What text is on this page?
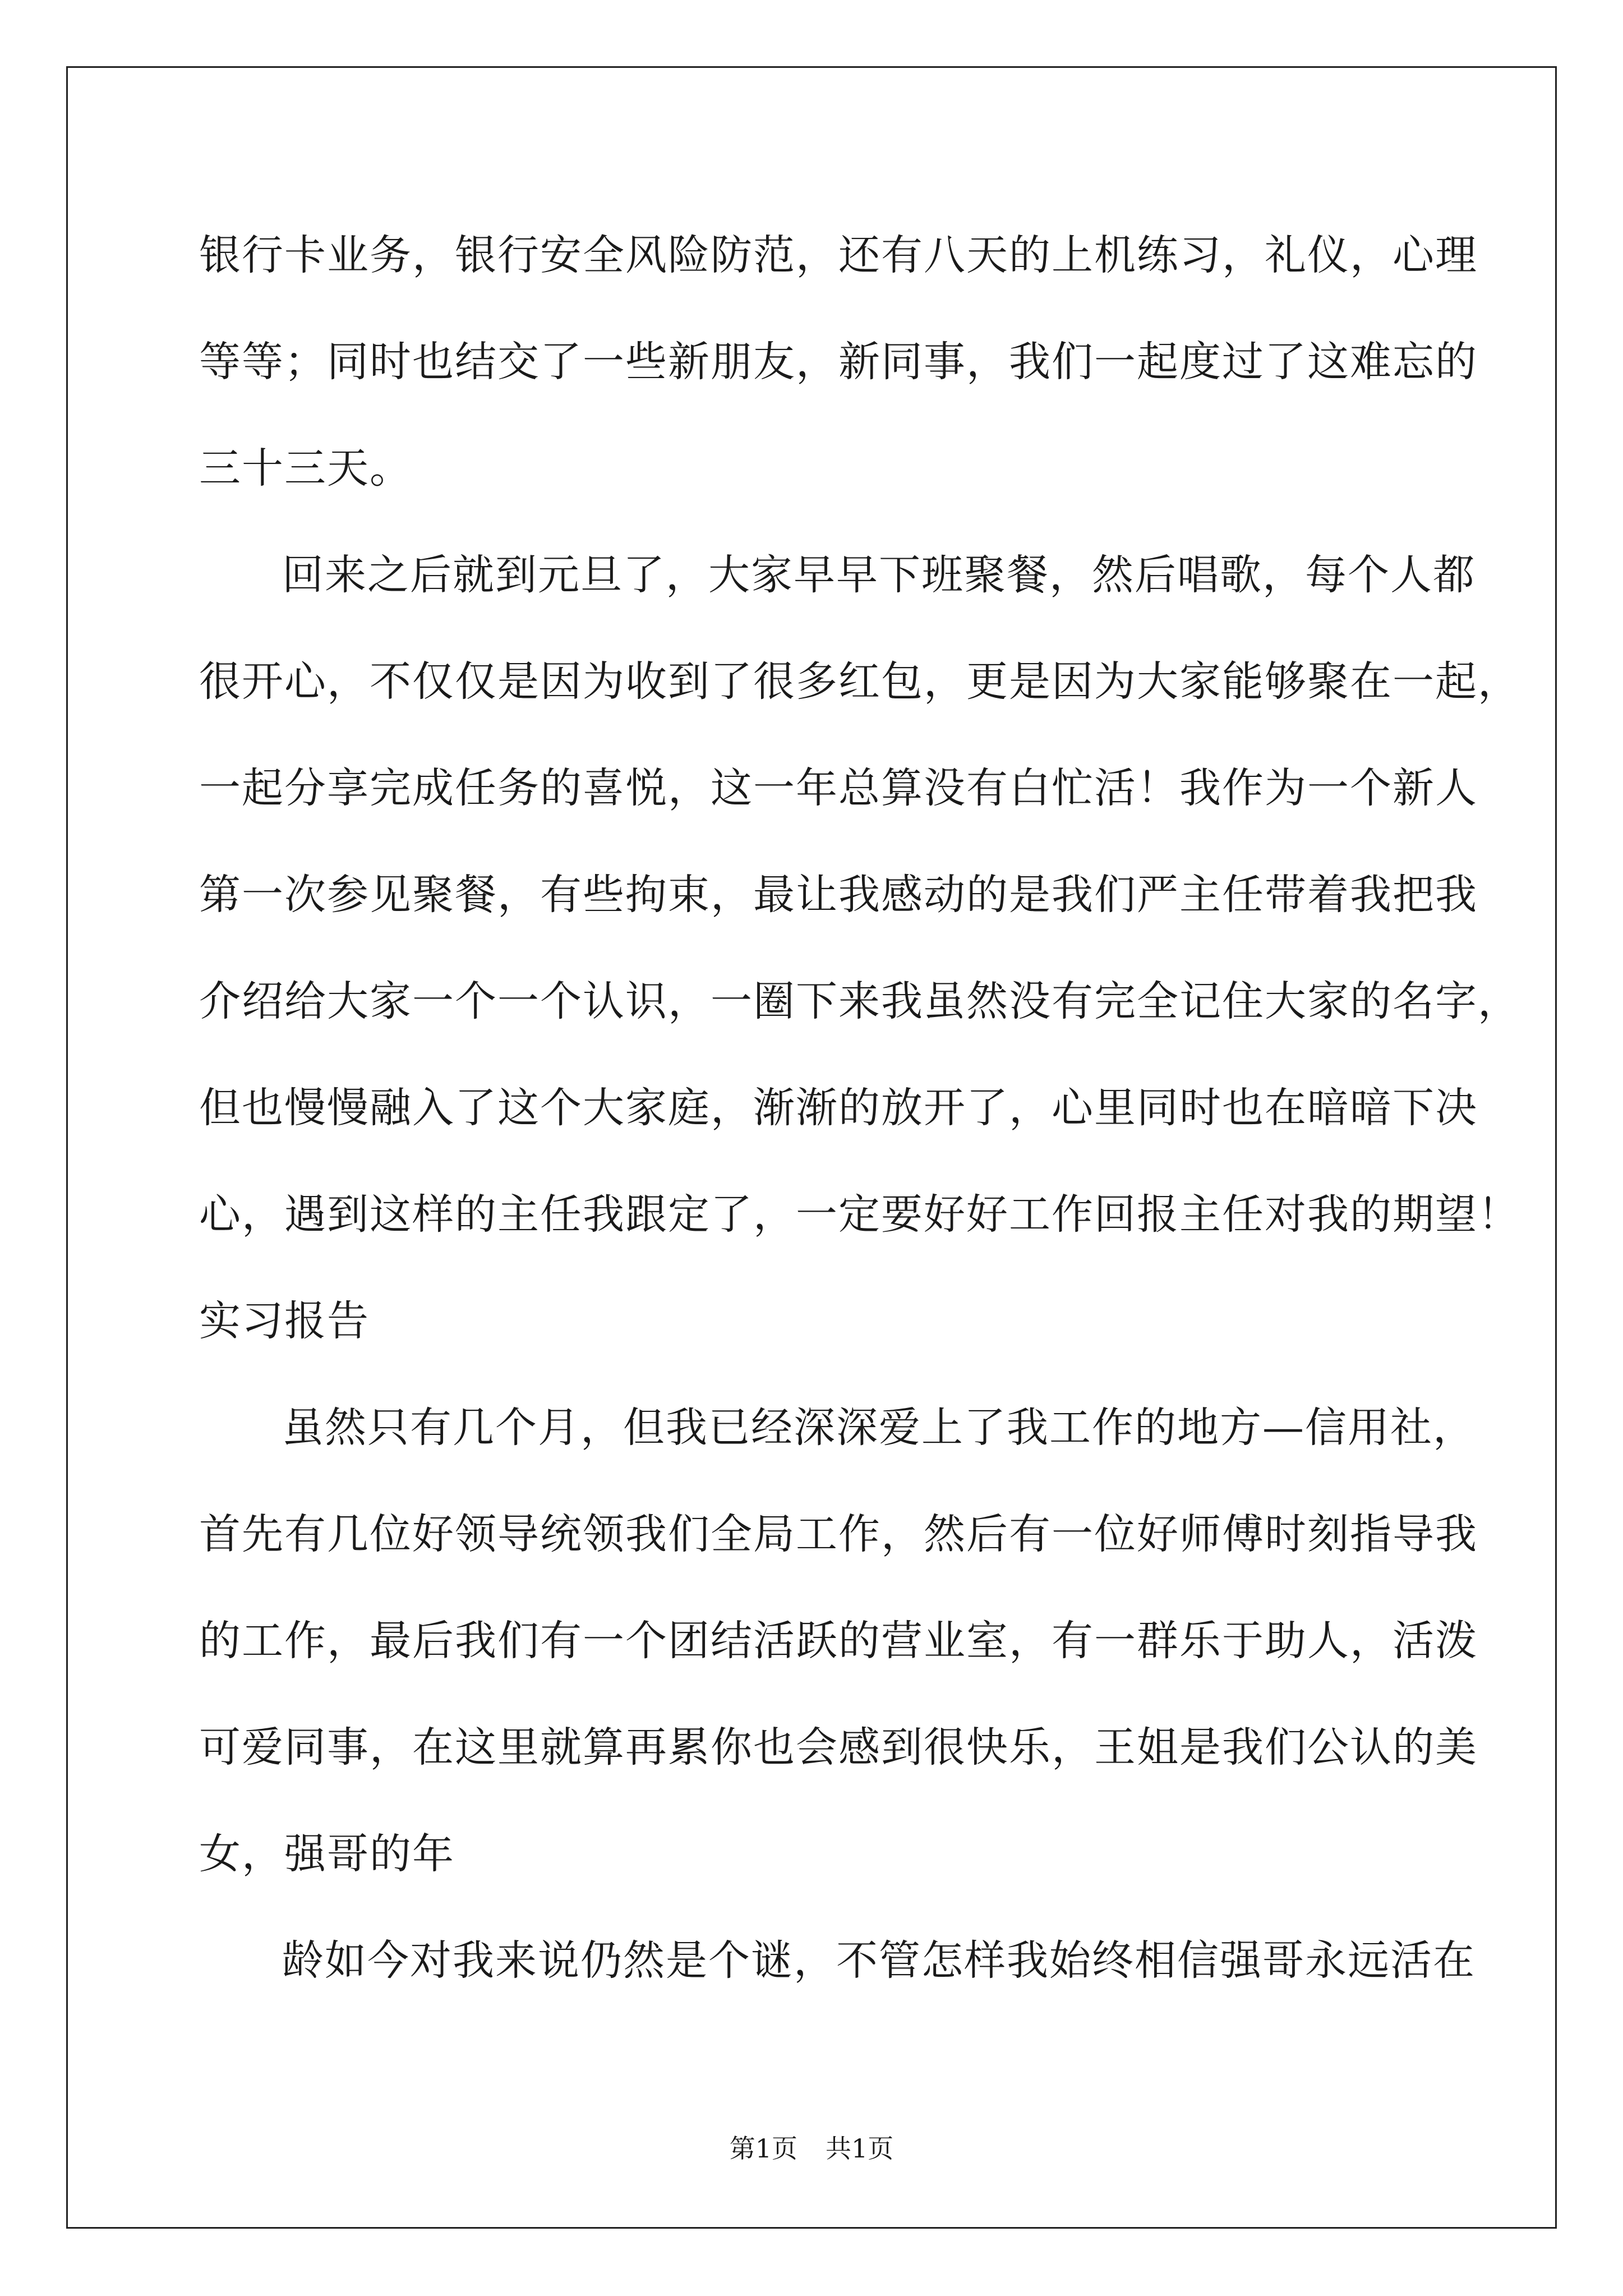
银行卡业务，银行安全风险防范，还有八天的上机练习，礼仪，心理
等等；同时也结交了一些新朋友，新同事，我们一起度过了这难忘的
三十三天。
回来之后就到元旦了，大家早早下班聚餐，然后唱歌，每个人都
很开心，不仅仅是因为收到了很多红包，更是因为大家能够聚在一起，
一起分享完成任务的喜悦，这一年总算没有白忙活！我作为一个新人
第一次参见聚餐，有些拘束，最让我感动的是我们严主任带着我把我
介绍给大家一个一个认识，一圈下来我虽然没有完全记住大家的名字，
但也慢慢融入了这个大家庭，渐渐的放开了，心里同时也在暗暗下决
心，遇到这样的主任我跟定了，一定要好好工作回报主任对我的期望！
实习报告
虽然只有几个月，但我已经深深爱上了我工作的地方—信用社，
首先有几位好领导统领我们全局工作，然后有一位好师傅时刻指导我
的工作，最后我们有一个团结活跃的营业室，有一群乐于助人，活泼
可爱同事，在这里就算再累你也会感到很快乐，王姐是我们公认的美
女，强哥的年
龄如今对我来说仍然是个谜，不管怎样我始终相信强哥永远活在
第1页 共1页
